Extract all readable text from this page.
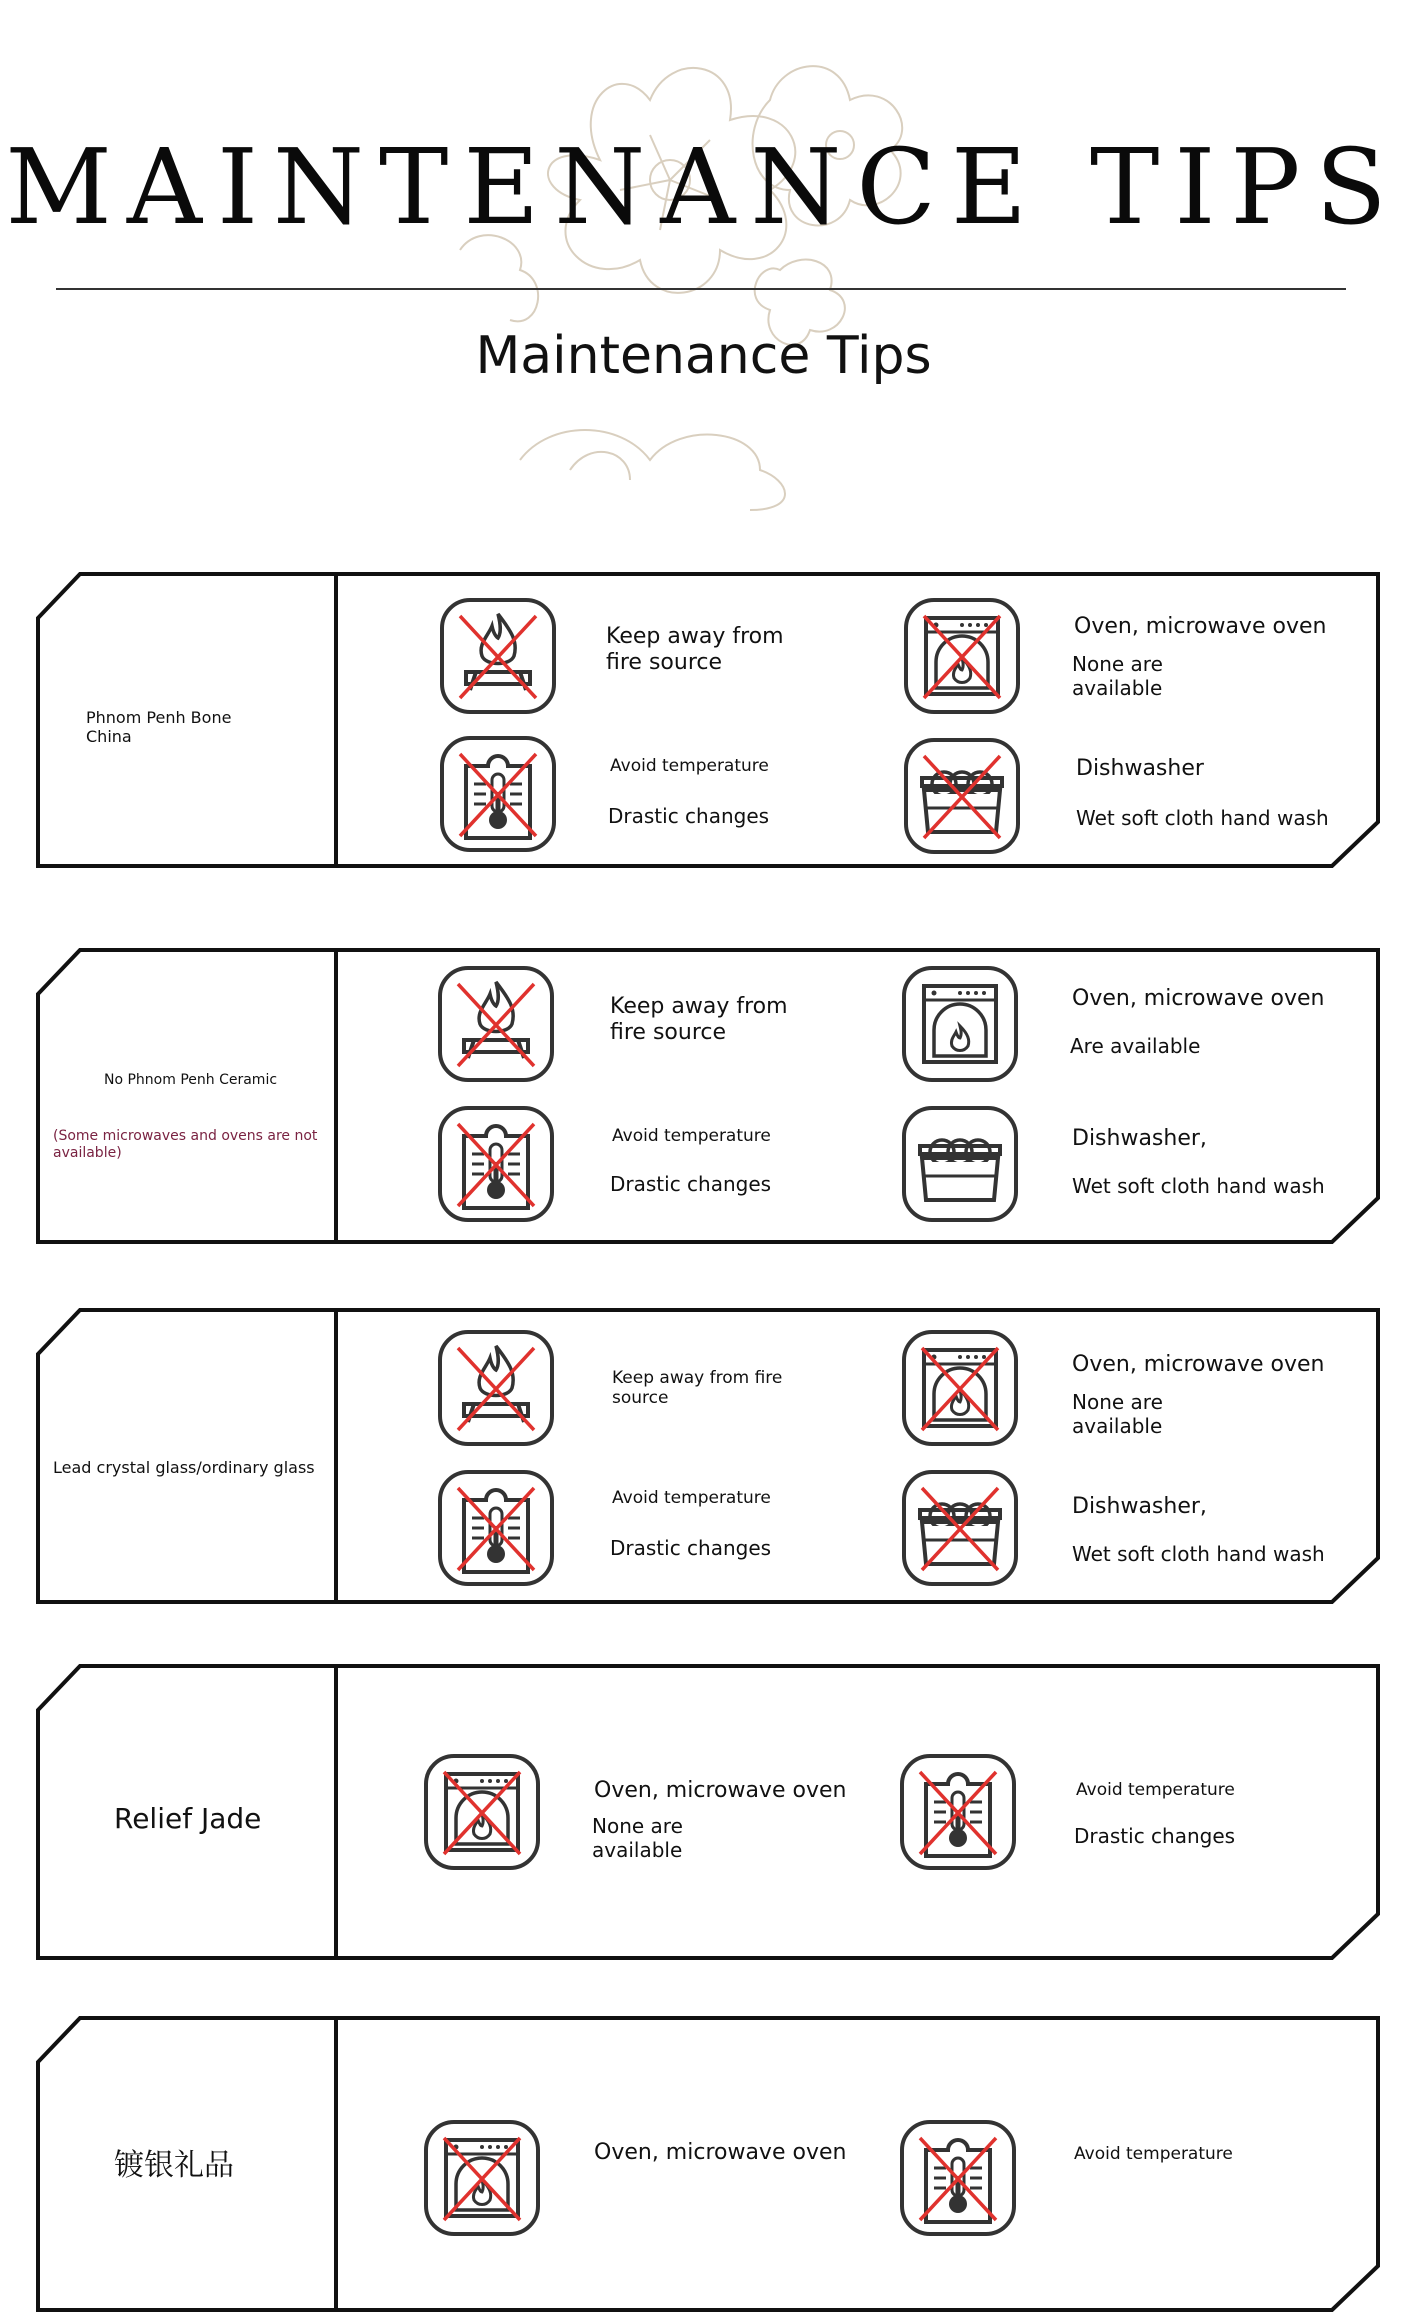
MAINTENANCE TIPS
Maintenance Tips
Phnom Penh Bone China
Keep away from fire source
Oven, microwave oven
None are available
Avoid temperature
Drastic changes
Dishwasher
Wet soft cloth hand wash
No Phnom Penh Ceramic
(Some microwaves and ovens are not available)
Keep away from fire source
Oven, microwave oven
Are available
Avoid temperature
Drastic changes
Dishwasher,
Wet soft cloth hand wash
Lead crystal glass/ordinary glass
Keep away from fire source
Oven, microwave oven
None are available
Avoid temperature
Drastic changes
Dishwasher,
Wet soft cloth hand wash
Relief Jade
Oven, microwave oven
None are available
Avoid temperature
Drastic changes
镀银礼品	Oven, microwave oven	Avoid temperature
